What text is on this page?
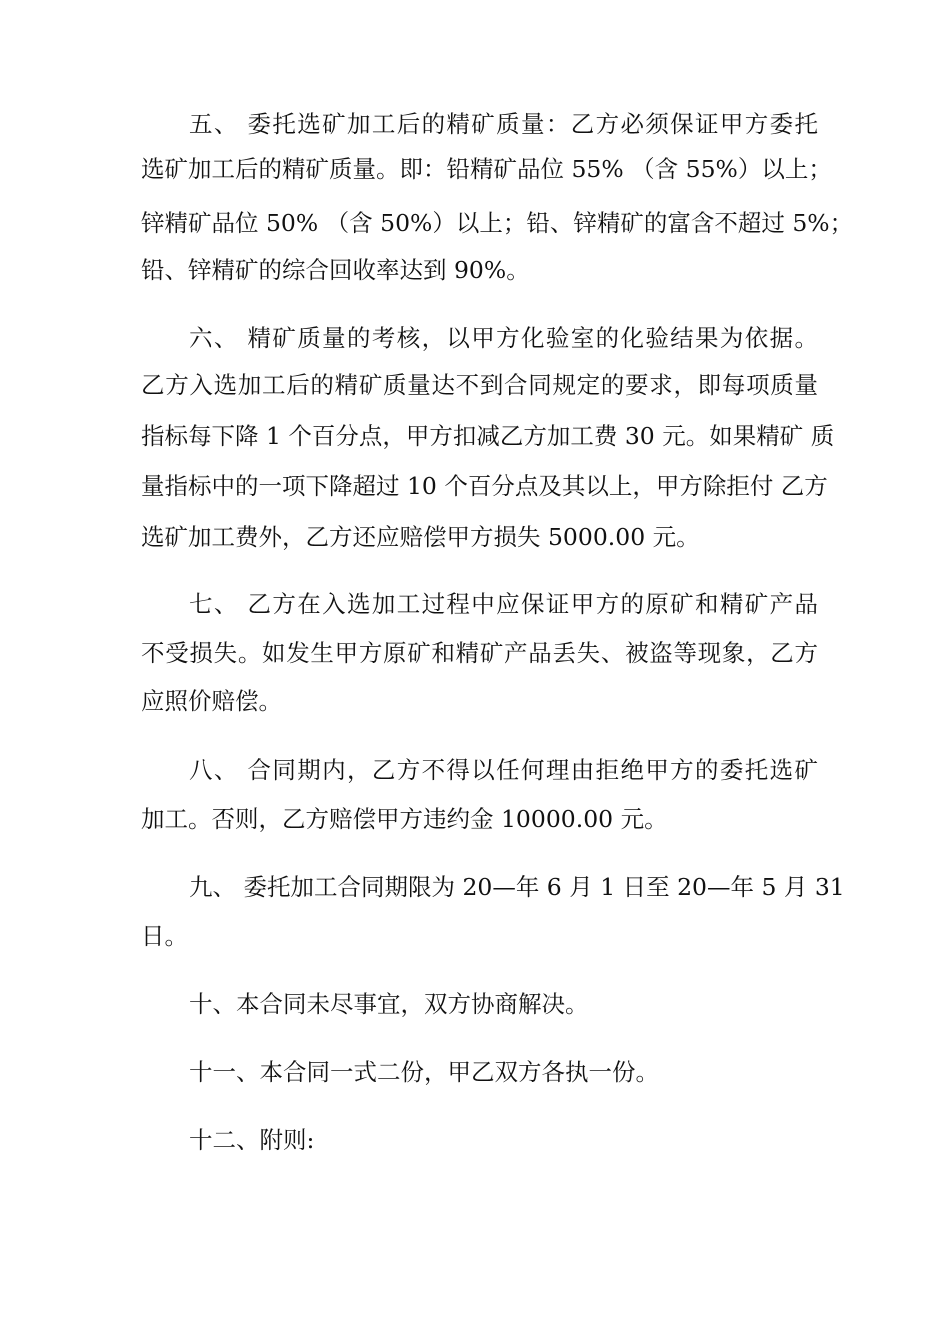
五、 委托选矿加工后的精矿质量：乙方必须保证甲方委托
选矿加工后的精矿质量。即：铅精矿品位 55% （含 55%）以上；
锌精矿品位 50% （含 50%）以上；铅、锌精矿的富含不超过 5%；
铅、锌精矿的综合回收率达到 90%。
六、 精矿质量的考核，以甲方化验室的化验结果为依据。
乙方入选加工后的精矿质量达不到合同规定的要求，即每项质量
指标每下降 1 个百分点，甲方扣减乙方加工费 30 元。如果精矿 质
量指标中的一项下降超过 10 个百分点及其以上，甲方除拒付 乙方
选矿加工费外，乙方还应赔偿甲方损失 5000.00 元。
七、 乙方在入选加工过程中应保证甲方的原矿和精矿产品
不受损失。如发生甲方原矿和精矿产品丢失、被盗等现象，乙方
应照价赔偿。
八、 合同期内，乙方不得以任何理由拒绝甲方的委托选矿
加工。否则，乙方赔偿甲方违约金 10000.00 元。
九、 委托加工合同期限为 20—年 6 月 1 日至 20—年 5 月 31
日。
十、本合同未尽事宜，双方协商解决。
十一、本合同一式二份，甲乙双方各执一份。
十二、附则:
